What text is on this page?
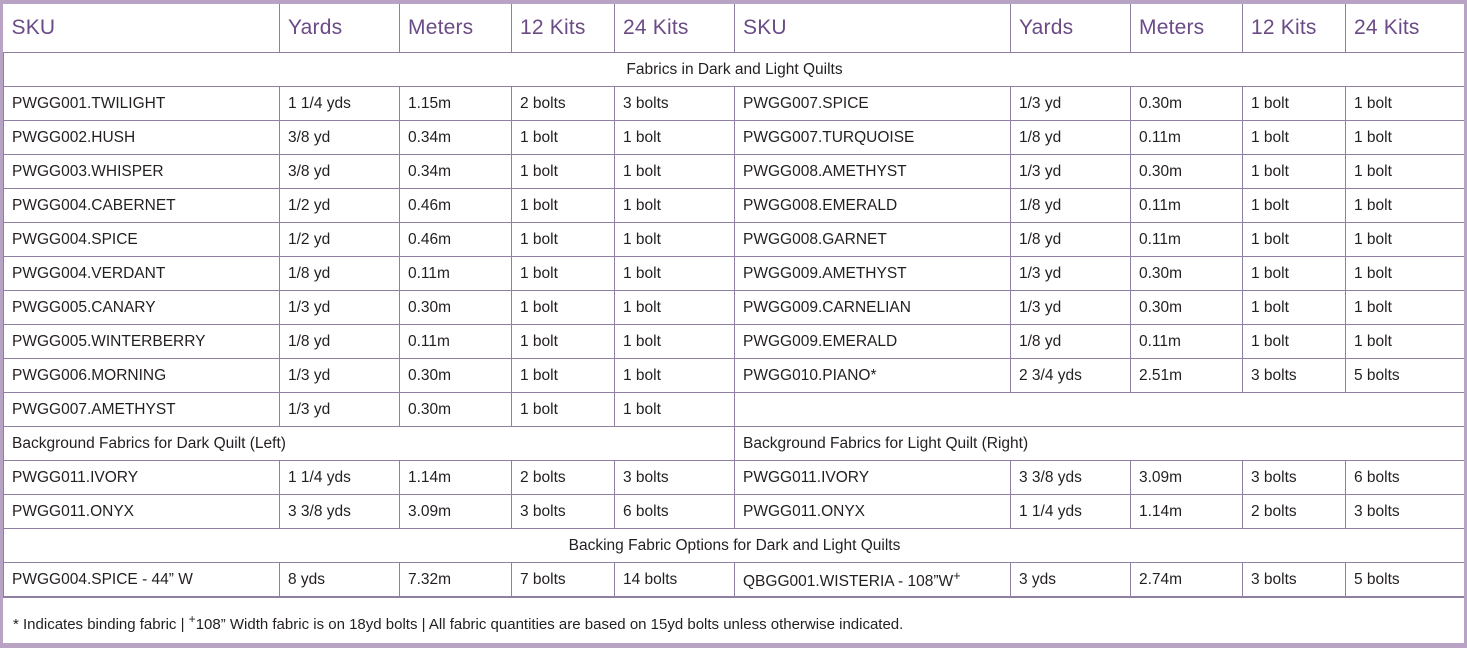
SKU	Yards	Meters	12 Kits	24 Kits	SKU	Yards	Meters	12 Kits	24 Kits
Fabrics in Dark and Light Quilts									
PWGG001.TWILIGHT	1 1/4 yds	1.15m	2 bolts	3 bolts	PWGG007.SPICE	1/3 yd	0.30m	1 bolt	1 bolt
PWGG002.HUSH	3/8 yd	0.34m	1 bolt	1 bolt	PWGG007.TURQUOISE	1/8 yd	0.11m	1 bolt	1 bolt
PWGG003.WHISPER	3/8 yd	0.34m	1 bolt	1 bolt	PWGG008.AMETHYST	1/3 yd	0.30m	1 bolt	1 bolt
PWGG004.CABERNET	1/2 yd	0.46m	1 bolt	1 bolt	PWGG008.EMERALD	1/8 yd	0.11m	1 bolt	1 bolt
PWGG004.SPICE	1/2 yd	0.46m	1 bolt	1 bolt	PWGG008.GARNET	1/8 yd	0.11m	1 bolt	1 bolt
PWGG004.VERDANT	1/8 yd	0.11m	1 bolt	1 bolt	PWGG009.AMETHYST	1/3 yd	0.30m	1 bolt	1 bolt
PWGG005.CANARY	1/3 yd	0.30m	1 bolt	1 bolt	PWGG009.CARNELIAN	1/3 yd	0.30m	1 bolt	1 bolt
PWGG005.WINTERBERRY	1/8 yd	0.11m	1 bolt	1 bolt	PWGG009.EMERALD	1/8 yd	0.11m	1 bolt	1 bolt
PWGG006.MORNING	1/3 yd	0.30m	1 bolt	1 bolt	PWGG010.PIANO*	2 3/4 yds	2.51m	3 bolts	5 bolts
PWGG007.AMETHYST	1/3 yd	0.30m	1 bolt	1 bolt					
Background Fabrics for Dark Quilt (Left)					Background Fabrics for Light Quilt (Right)				
PWGG011.IVORY	1 1/4 yds	1.14m	2 bolts	3 bolts	PWGG011.IVORY	3 3/8 yds	3.09m	3 bolts	6 bolts
PWGG011.ONYX	3 3/8 yds	3.09m	3 bolts	6 bolts	PWGG011.ONYX	1 1/4 yds	1.14m	2 bolts	3 bolts
Backing Fabric Options for Dark and Light Quilts									
PWGG004.SPICE - 44” W	8 yds	7.32m	7 bolts	14 bolts	QBGG001.WISTERIA - 108”W+	3 yds	2.74m	3 bolts	5 bolts
* Indicates binding fabric | +108” Width fabric is on 18yd bolts | All fabric quantities are based on 15yd bolts unless otherwise indicated.
